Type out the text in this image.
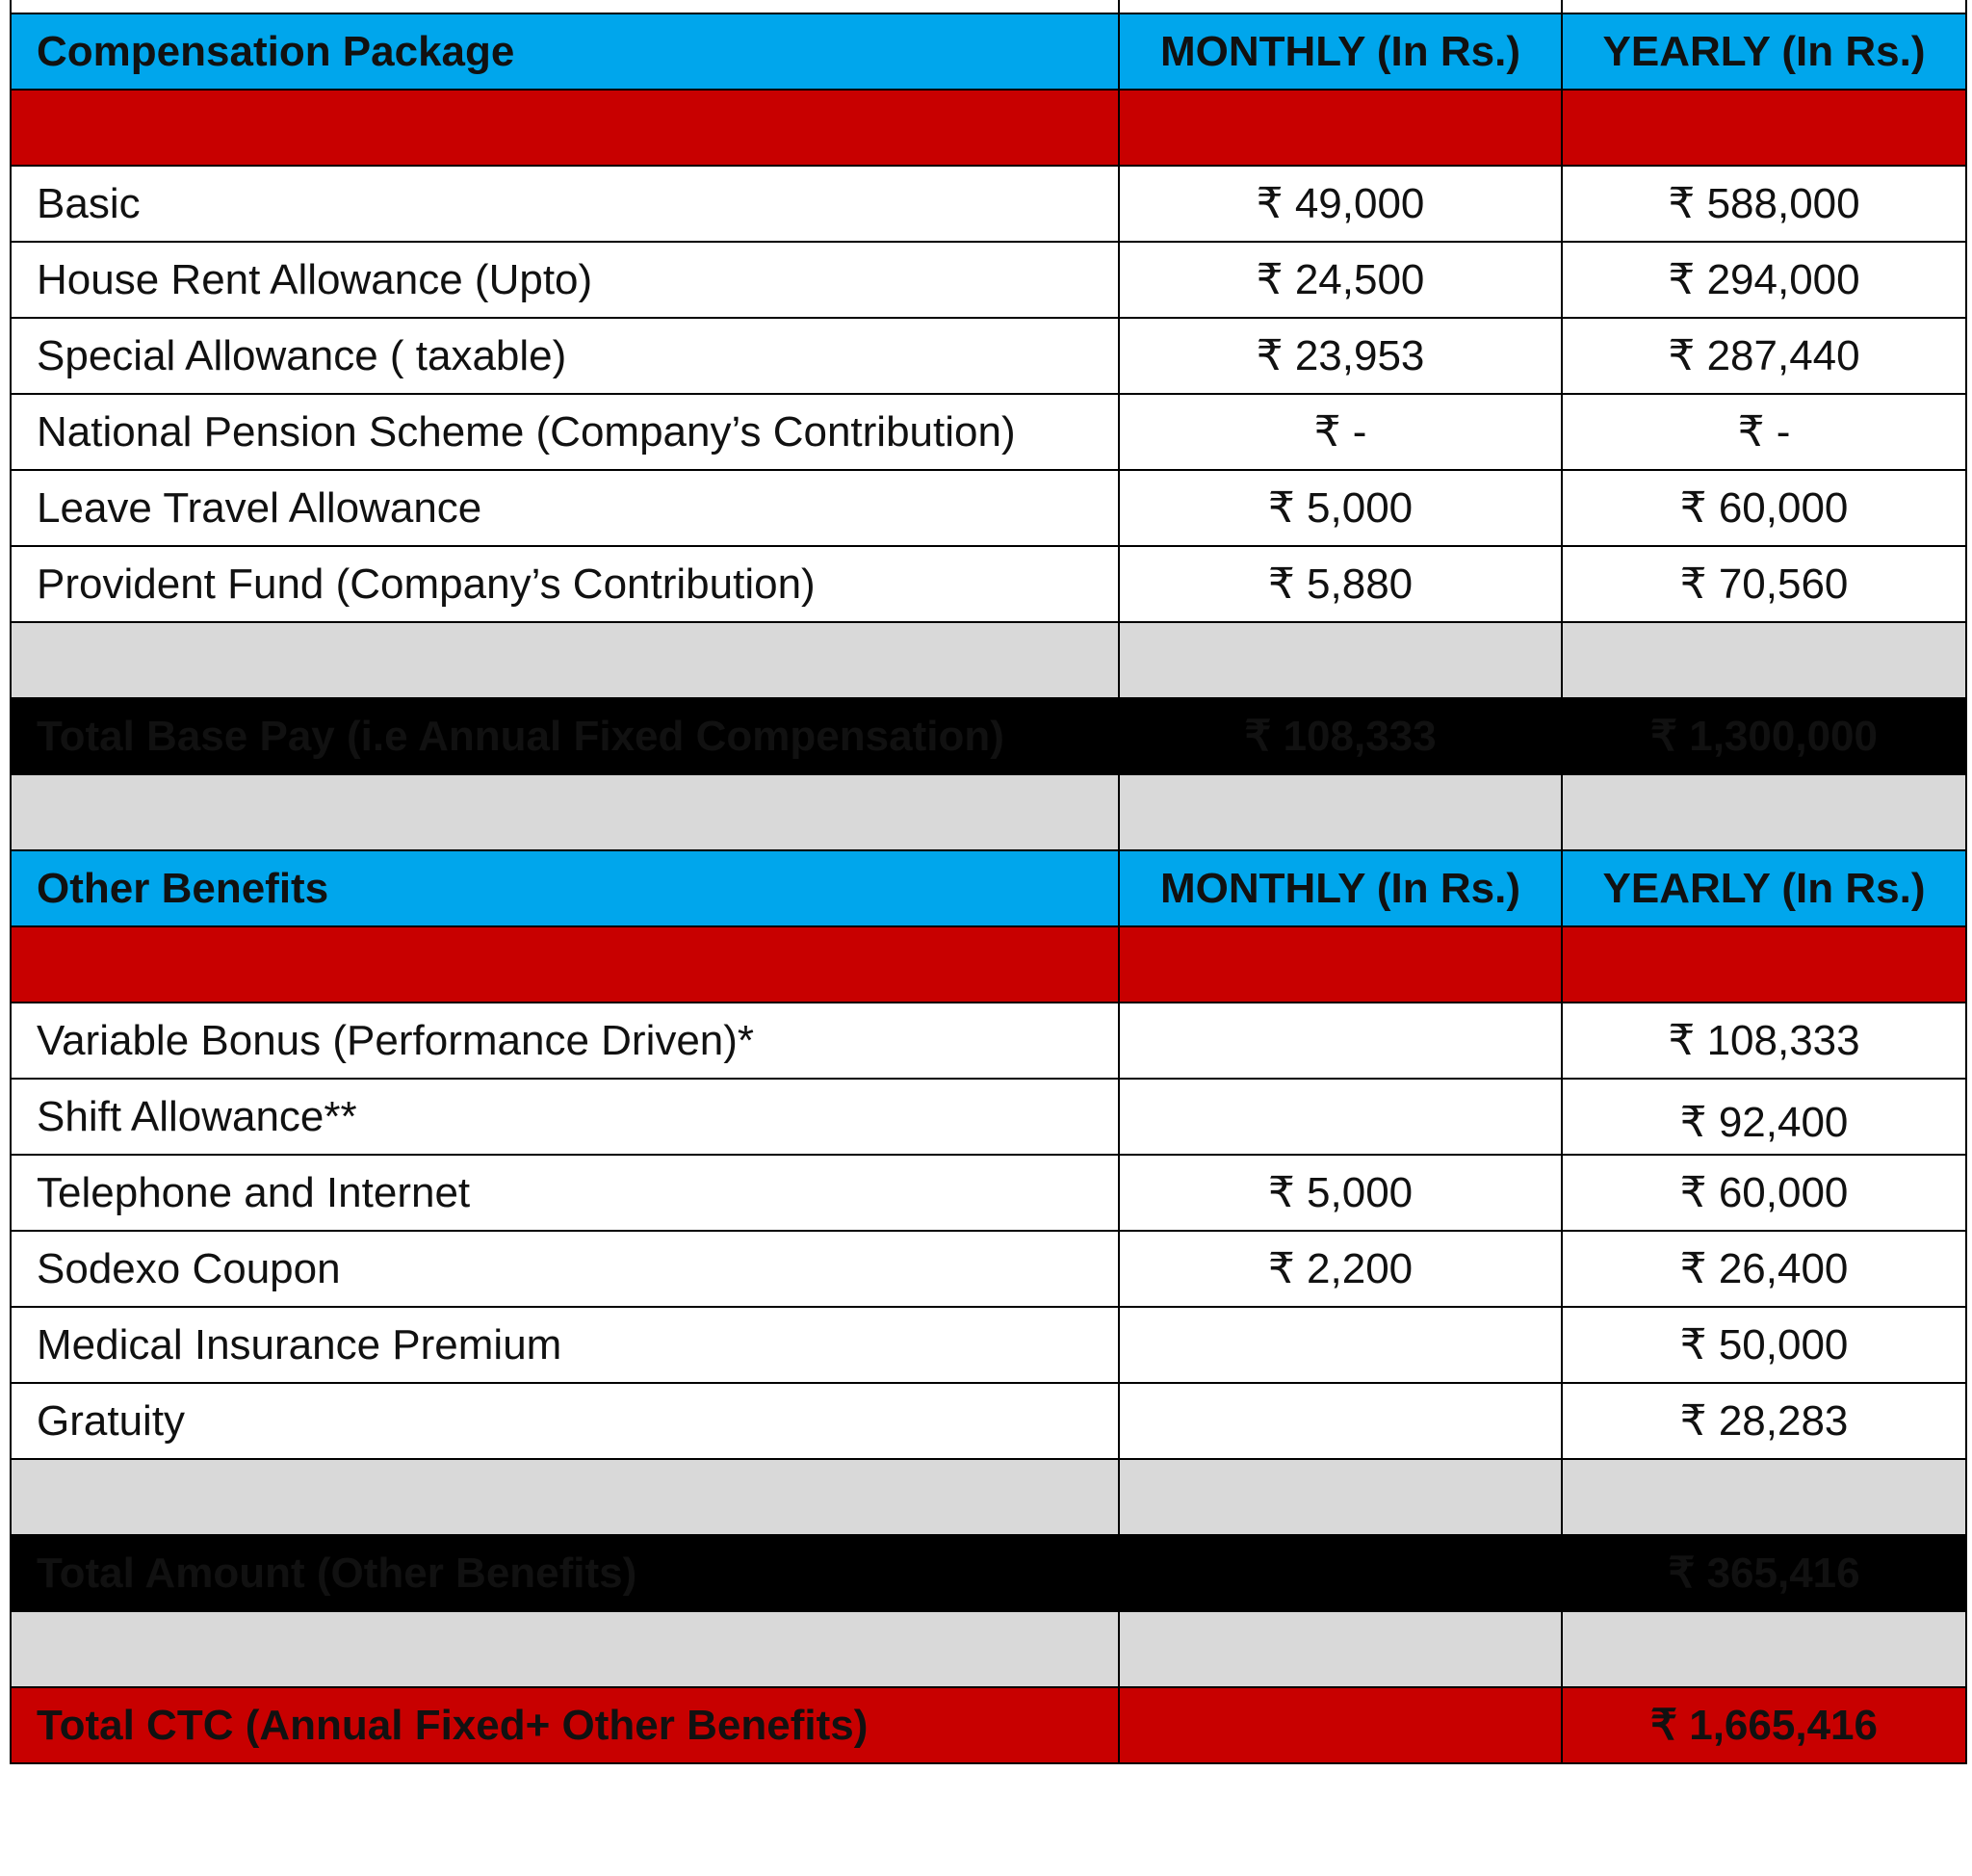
Compensation Package	MONTHLY (In Rs.)	YEARLY (In Rs.)

Basic	₹ 49,000	₹ 588,000
House Rent Allowance (Upto)	₹ 24,500	₹ 294,000
Special Allowance ( taxable)	₹ 23,953	₹ 287,440
National Pension Scheme (Company’s Contribution)	₹ -	₹ -
Leave Travel Allowance	₹ 5,000	₹ 60,000
Provident Fund (Company’s Contribution)	₹ 5,880	₹ 70,560

Total Base Pay (i.e Annual Fixed Compensation)	₹ 108,333	₹ 1,300,000

Other Benefits	MONTHLY (In Rs.)	YEARLY (In Rs.)

Variable Bonus (Performance Driven)*		₹ 108,333
Shift Allowance**		₹ 92,400
Telephone and Internet	₹ 5,000	₹ 60,000
Sodexo Coupon	₹ 2,200	₹ 26,400
Medical Insurance Premium		₹ 50,000
Gratuity		₹ 28,283

Total Amount (Other Benefits)		₹ 365,416

Total CTC (Annual Fixed+ Other Benefits)		₹ 1,665,416
